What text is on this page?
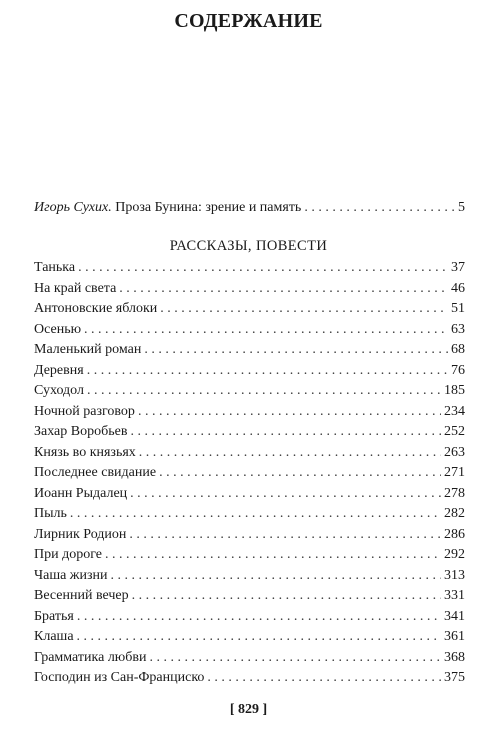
СОДЕРЖАНИЕ
Игорь Сухих. Проза Бунина: зрение и память . . .	5
РАССКАЗЫ, ПОВЕСТИ
Танька . . .	37
На край света . . .	46
Антоновские яблоки . . .	51
Осенью . . .	63
Маленький роман . . .	68
Деревня . . .	76
Суходол . . .	185
Ночной разговор . . .	234
Захар Воробьев . . .	252
Князь во князьях . . .	263
Последнее свидание . . .	271
Иоанн Рыдалец . . .	278
Пыль . . .	282
Лирник Родион . . .	286
При дороге . . .	292
Чаша жизни . . .	313
Весенний вечер . . .	331
Братья . . .	341
Клаша . . .	361
Грамматика любви . . .	368
Господин из Сан-Франциско . . .	375
[ 829 ]
